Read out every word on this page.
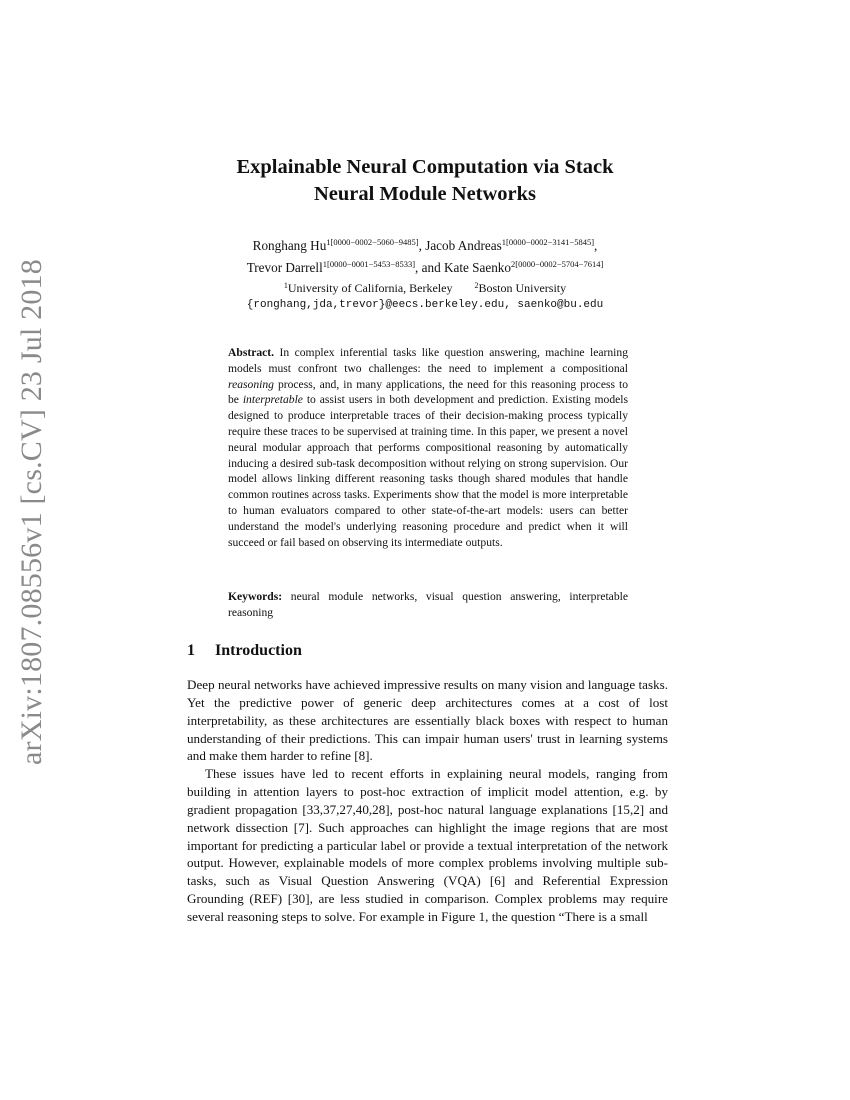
arXiv:1807.08556v1 [cs.CV] 23 Jul 2018
Explainable Neural Computation via Stack
Neural Module Networks
Ronghang $Hu^{1[0000-0002-5060-9485]}$, Jacob Andreas$^{1[0000-0002-3141-5845]}$,
Trevor Darrell$^{1[0000-0001-5453-8533]}$, and Kate Saenko$^{2[0000-0002-5704-7614]}$
$^1$University of California, Berkeley	$^2$Boston University
{ronghang,jda,trevor}@eecs.berkeley.edu, saenko@bu.edu
Abstract. In complex inferential tasks like question answering, machine learning models must confront two challenges: the need to implement a compositional reasoning process, and, in many applications, the need for this reasoning process to be interpretable to assist users in both development and prediction. Existing models designed to produce interpretable traces of their decision-making process typically require these traces to be supervised at training time. In this paper, we present a novel neural modular approach that performs compositional reasoning by automatically inducing a desired sub-task decomposition without relying on strong supervision. Our model allows linking different reasoning tasks though shared modules that handle common routines across tasks. Experiments show that the model is more interpretable to human evaluators compared to other state-of-the-art models: users can better understand the model's underlying reasoning procedure and predict when it will succeed or fail based on observing its intermediate outputs.
Keywords: neural module networks, visual question answering, interpretable reasoning
1 Introduction

Deep neural networks have achieved impressive results on many vision and language tasks. Yet the predictive power of generic deep architectures comes at a cost of lost interpretability, as these architectures are essentially black boxes with respect to human understanding of their predictions. This can impair human users' trust in learning systems and make them harder to refine [8].

These issues have led to recent efforts in explaining neural models, ranging from building in attention layers to post-hoc extraction of implicit model attention, e.g. by gradient propagation [33,37,27,40,28], post-hoc natural language explanations [15,2] and network dissection [7]. Such approaches can highlight the image regions that are most important for predicting a particular label or provide a textual interpretation of the network output. However, explainable models of more complex problems involving multiple sub-tasks, such as Visual Question Answering (VQA) [6] and Referential Expression Grounding (REF) [30], are less studied in comparison. Complex problems may require several reasoning steps to solve. For example in Figure 1, the question “There is a small
